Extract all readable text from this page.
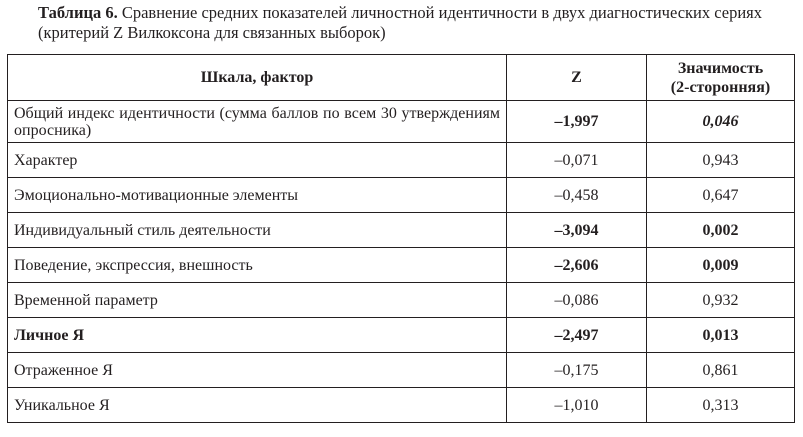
Таблица 6. Сравнение средних показателей личностной идентичности в двух диагностических сериях (критерий Z Вилкоксона для связанных выборок)
Шкала, фактор	Z	Значимость
(2-сторонняя)
Общий индекс идентичности (сумма баллов по всем 30 утверждениям опросника)	–1,997	0,046
Характер	–0,071	0,943
Эмоционально-мотивационные элементы	–0,458	0,647
Индивидуальный стиль деятельности	–3,094	0,002
Поведение, экспрессия, внешность	–2,606	0,009
Временной параметр	–0,086	0,932
Личное Я	–2,497	0,013
Отраженное Я	–0,175	0,861
Уникальное Я	–1,010	0,313
